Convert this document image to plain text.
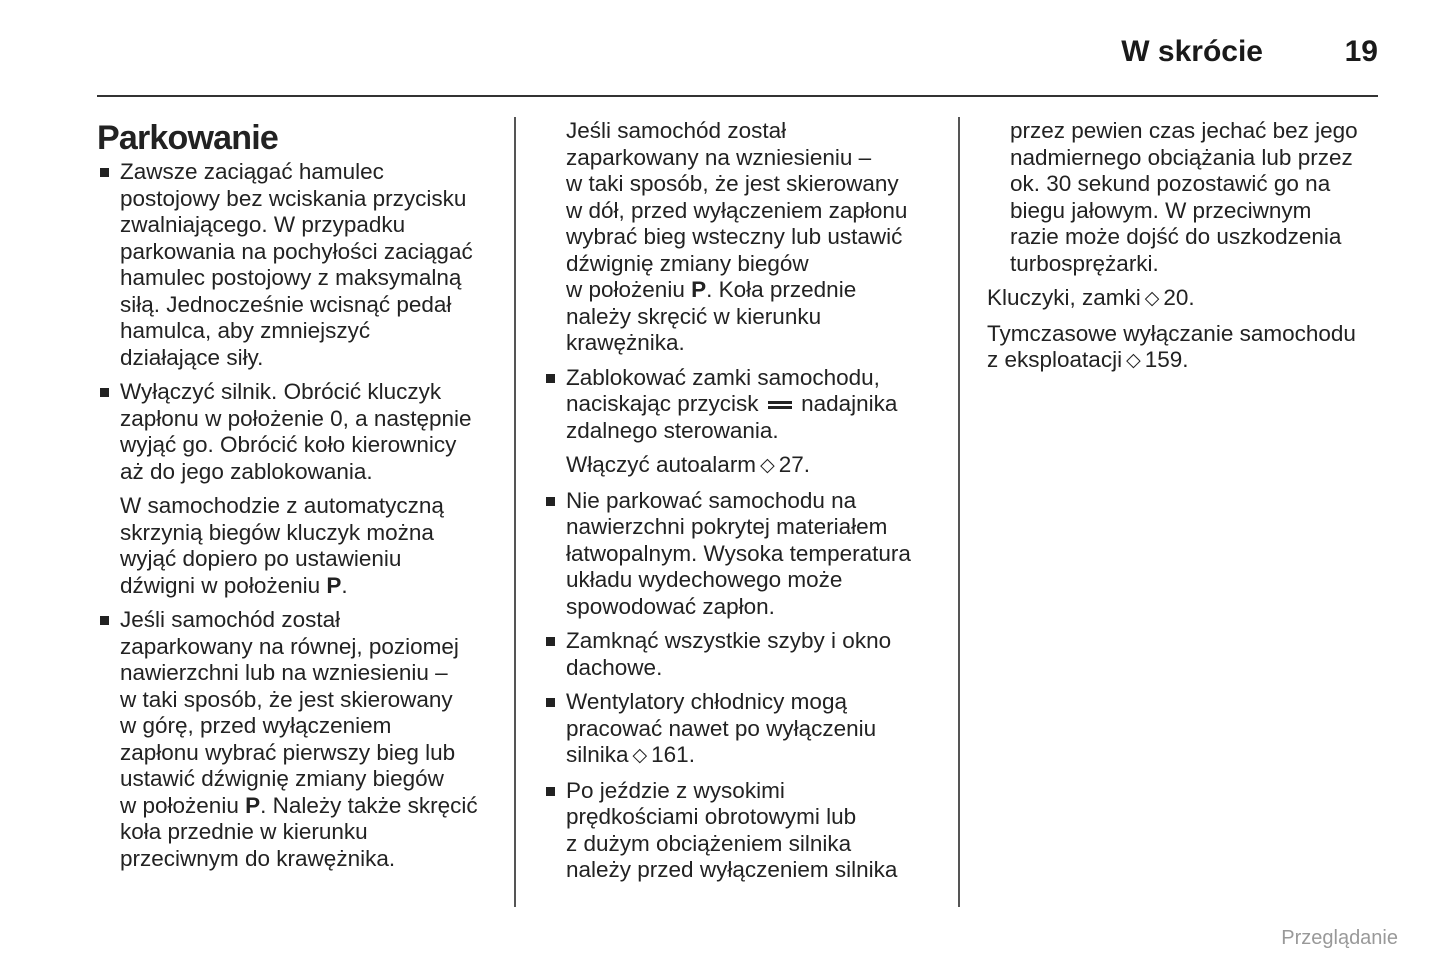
W skrócie	19
Parkowanie
Zawsze zaciągać hamulec
postojowy bez wciskania przycisku
zwalniającego. W przypadku
parkowania na pochyłości zaciągać
hamulec postojowy z maksymalną
siłą. Jednocześnie wcisnąć pedał
hamulca, aby zmniejszyć
działające siły.
Wyłączyć silnik. Obrócić kluczyk
zapłonu w położenie 0, a następnie
wyjąć go. Obrócić koło kierownicy
aż do jego zablokowania.
W samochodzie z automatyczną
skrzynią biegów kluczyk można
wyjąć dopiero po ustawieniu
dźwigni w położeniu P.
Jeśli samochód został
zaparkowany na równej, poziomej
nawierzchni lub na wzniesieniu –
w taki sposób, że jest skierowany
w górę, przed wyłączeniem
zapłonu wybrać pierwszy bieg lub
ustawić dźwignię zmiany biegów
w położeniu P. Należy także skręcić
koła przednie w kierunku
przeciwnym do krawężnika.
Jeśli samochód został
zaparkowany na wzniesieniu –
w taki sposób, że jest skierowany
w dół, przed wyłączeniem zapłonu
wybrać bieg wsteczny lub ustawić
dźwignię zmiany biegów
w położeniu P. Koła przednie
należy skręcić w kierunku
krawężnika.
Zablokować zamki samochodu,
naciskając przycisk  nadajnika
zdalnego sterowania.
Włączyć autoalarm ◇ 27.
Nie parkować samochodu na
nawierzchni pokrytej materiałem
łatwopalnym. Wysoka temperatura
układu wydechowego może
spowodować zapłon.
Zamknąć wszystkie szyby i okno
dachowe.
Wentylatory chłodnicy mogą
pracować nawet po wyłączeniu
silnika ◇ 161.
Po jeździe z wysokimi
prędkościami obrotowymi lub
z dużym obciążeniem silnika
należy przed wyłączeniem silnika
przez pewien czas jechać bez jego
nadmiernego obciążania lub przez
ok. 30 sekund pozostawić go na
biegu jałowym. W przeciwnym
razie może dojść do uszkodzenia
turbosprężarki.
Kluczyki, zamki ◇ 20.
Tymczasowe wyłączanie samochodu
z eksploatacji ◇ 159.
Przeglądanie
